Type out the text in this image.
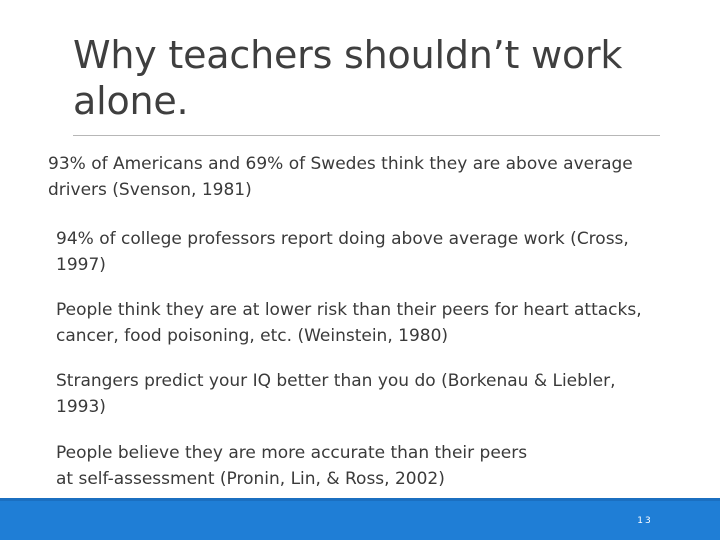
Why teachers shouldn’t work
alone.
93% of Americans and 69% of Swedes think they are above average
drivers (Svenson, 1981)
94% of college professors report doing above average work (Cross,
1997)
People think they are at lower risk than their peers for heart attacks,
cancer, food poisoning, etc. (Weinstein, 1980)
Strangers predict your IQ better than you do (Borkenau & Liebler,
1993)
People believe they are more accurate than their peers
at self-assessment (Pronin, Lin, & Ross, 2002)
13
